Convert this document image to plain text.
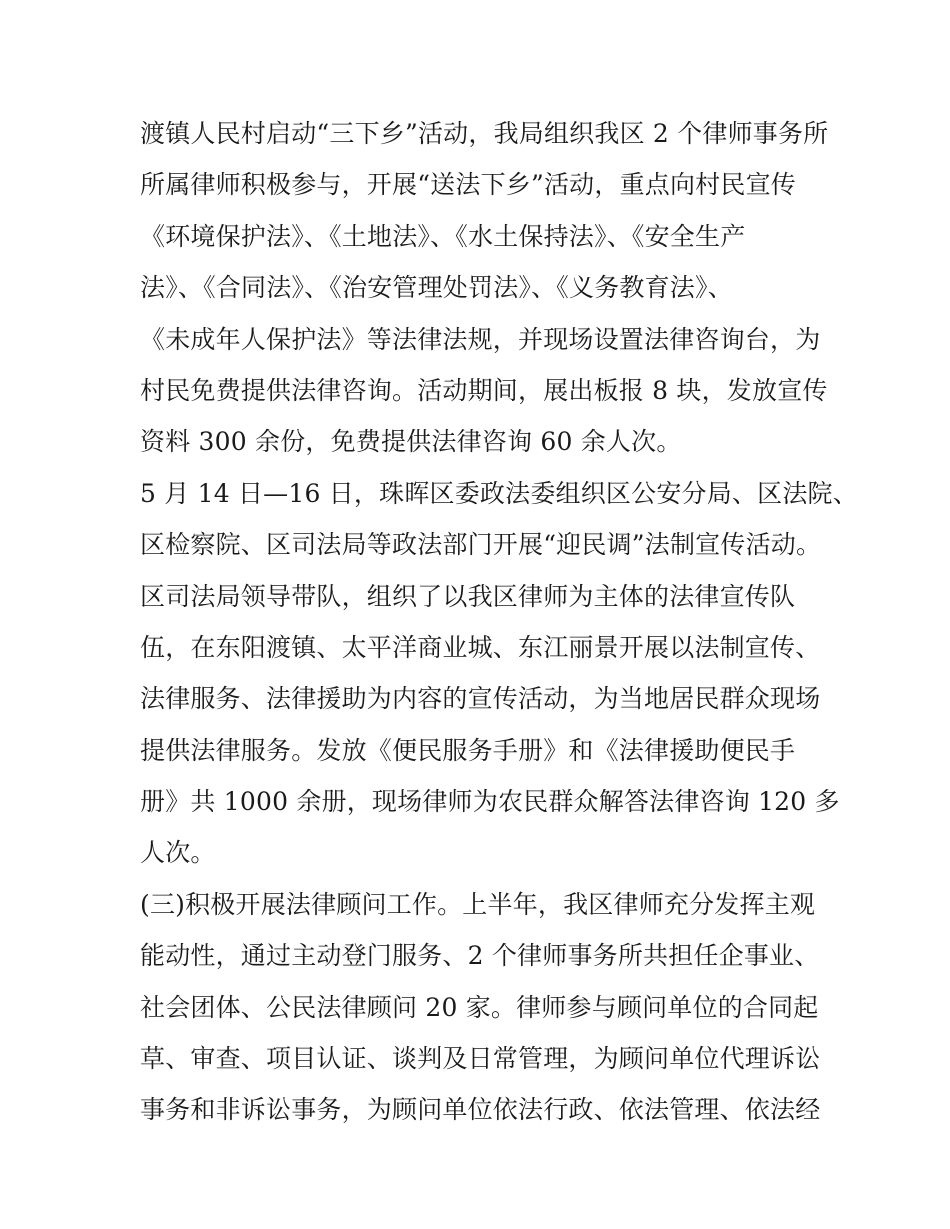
渡镇人民村启动“三下乡”活动，我局组织我区 2 个律师事务所
所属律师积极参与，开展“送法下乡”活动，重点向村民宣传
《环境保护法》、《土地法》、《水土保持法》、《安全生产
法》、《合同法》、《治安管理处罚法》、《义务教育法》、
《未成年人保护法》等法律法规，并现场设置法律咨询台，为
村民免费提供法律咨询。活动期间，展出板报 8 块，发放宣传
资料 300 余份，免费提供法律咨询 60 余人次。
5 月 14 日—16 日，珠晖区委政法委组织区公安分局、区法院、
区检察院、区司法局等政法部门开展“迎民调”法制宣传活动。
区司法局领导带队，组织了以我区律师为主体的法律宣传队
伍，在东阳渡镇、太平洋商业城、东江丽景开展以法制宣传、
法律服务、法律援助为内容的宣传活动，为当地居民群众现场
提供法律服务。发放《便民服务手册》和《法律援助便民手
册》共 1000 余册，现场律师为农民群众解答法律咨询 120 多
人次。
(三)积极开展法律顾问工作。上半年，我区律师充分发挥主观
能动性，通过主动登门服务、2 个律师事务所共担任企事业、
社会团体、公民法律顾问 20 家。律师参与顾问单位的合同起
草、审查、项目认证、谈判及日常管理，为顾问单位代理诉讼
事务和非诉讼事务，为顾问单位依法行政、依法管理、依法经
